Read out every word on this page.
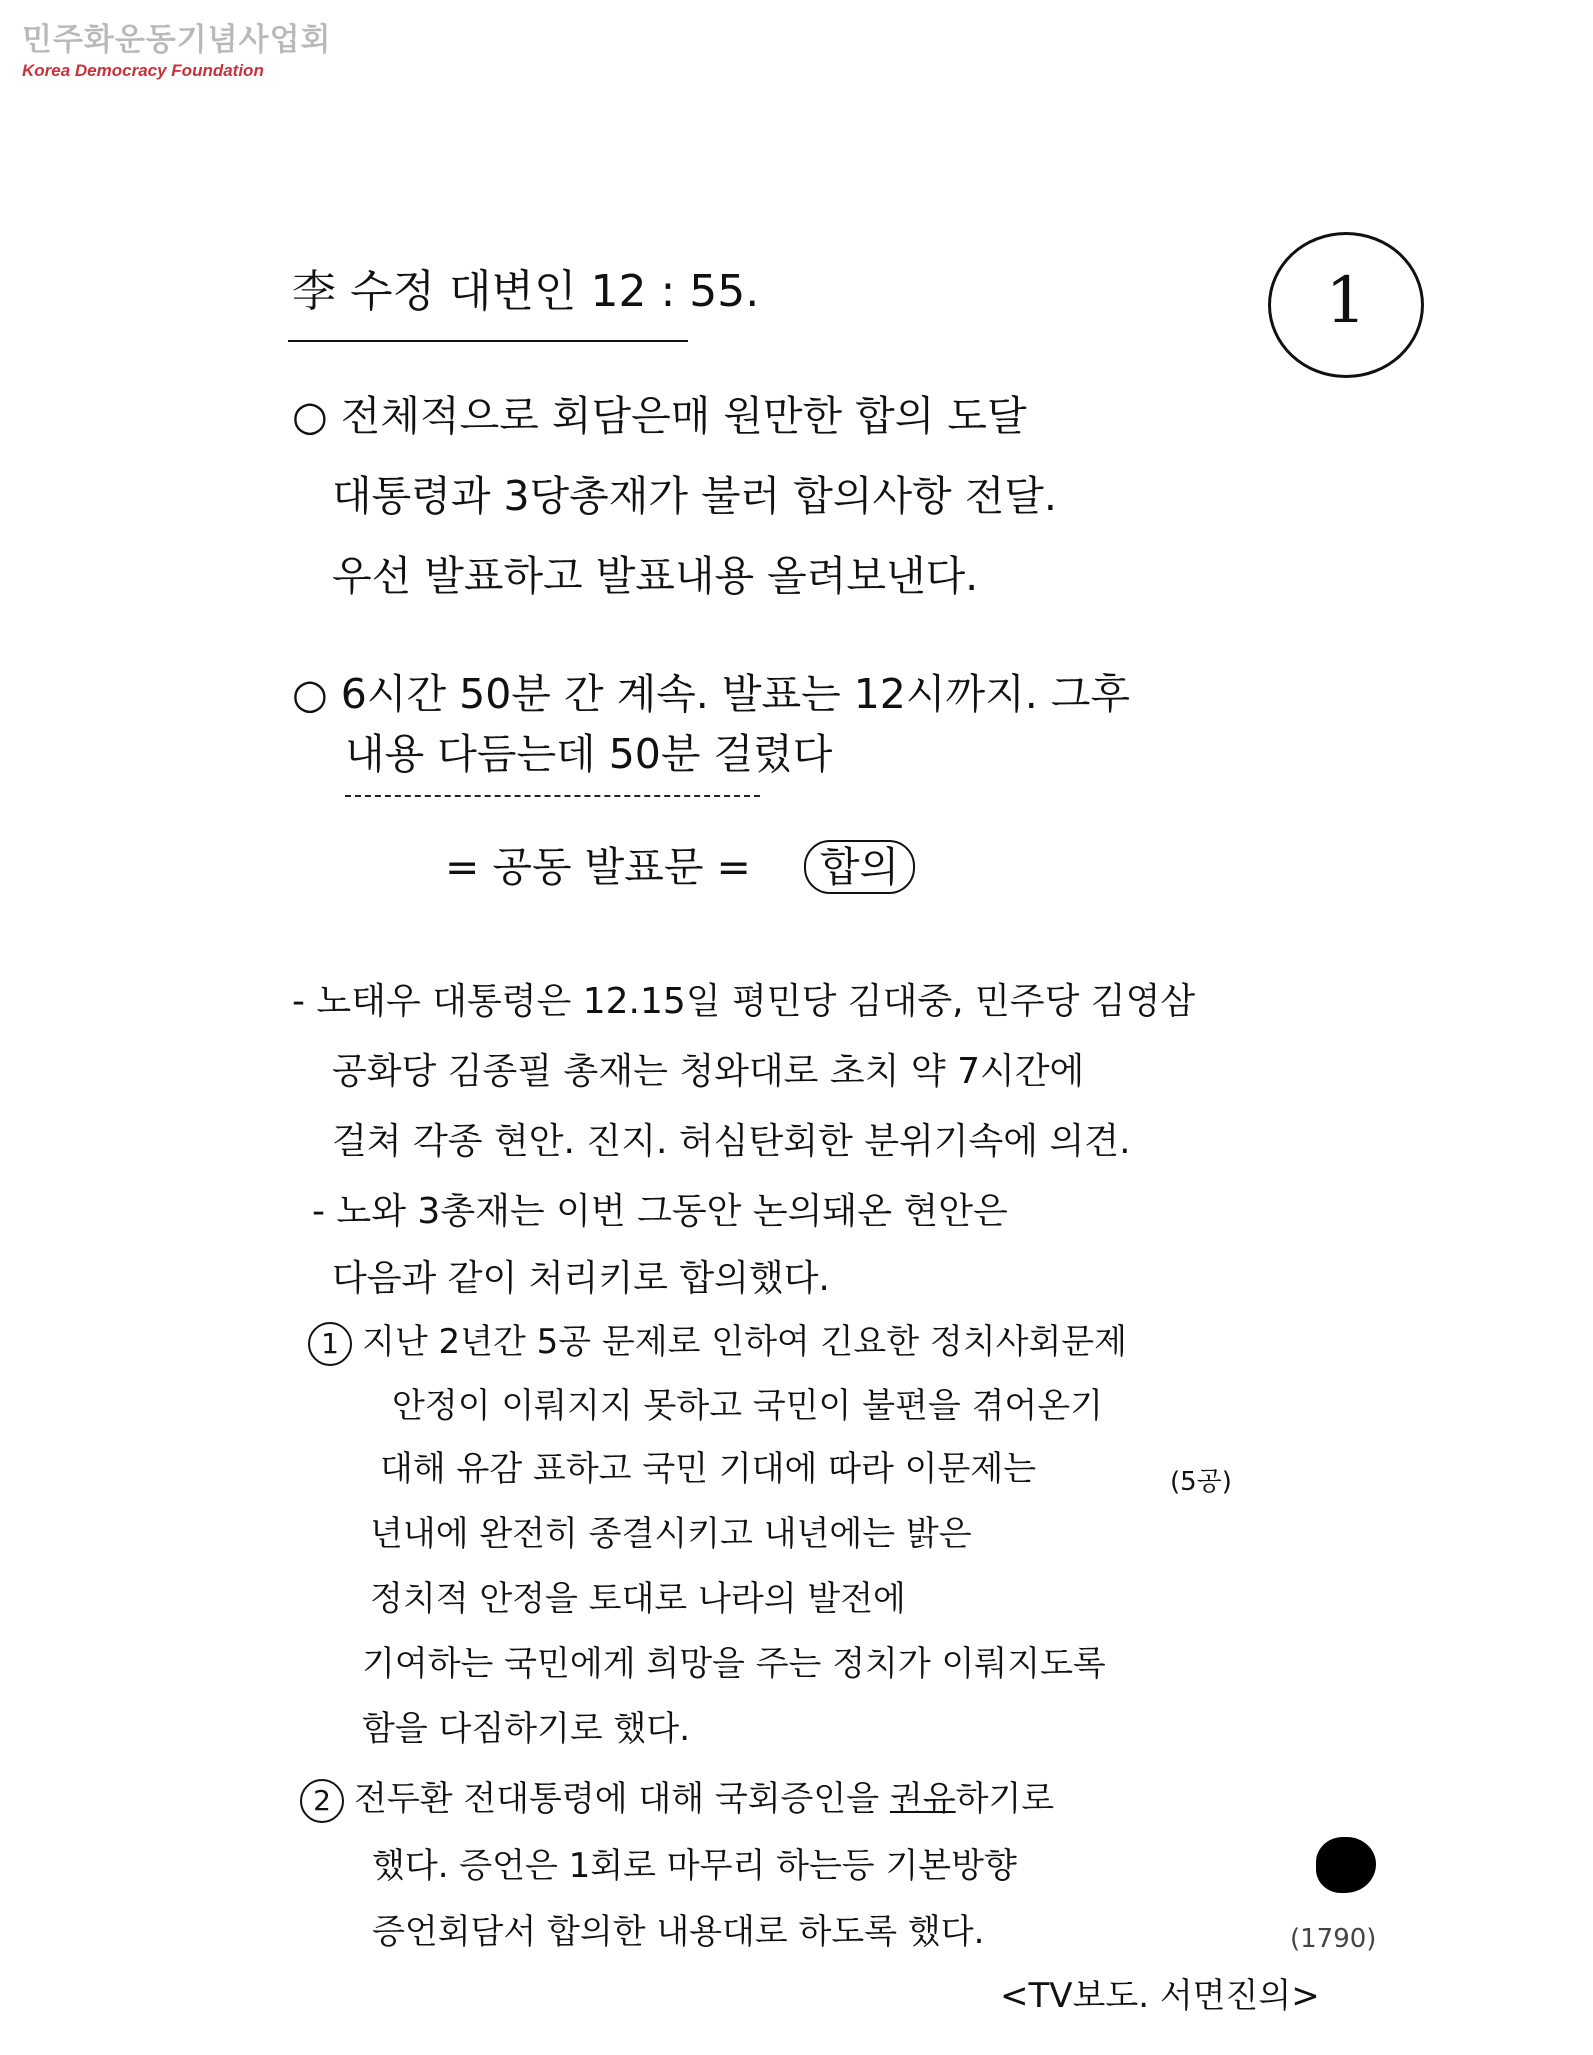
민주화운동기념사업회
Korea Democracy Foundation
1
李 수정 대변인 12 : 55.
○ 전체적으로 회담은매 원만한 합의 도달
대통령과 3당총재가 불러 합의사항 전달.
우선 발표하고 발표내용 올려보낸다.
○ 6시간 50분 간 계속. 발표는 12시까지. 그후
내용 다듬는데 50분 걸렸다
= 공동 발표문 = 합의
- 노태우 대통령은 12.15일 평민당 김대중, 민주당 김영삼
공화당 김종필 총재는 청와대로 초치 약 7시간에
걸쳐 각종 현안. 진지. 허심탄회한 분위기속에 의견.
- 노와 3총재는 이번 그동안 논의돼온 현안은
다음과 같이 처리키로 합의했다.
1 지난 2년간 5공 문제로 인하여 긴요한 정치사회문제
안정이 이뤄지지 못하고 국민이 불편을 겪어온기
대해 유감 표하고 국민 기대에 따라 이문제는	(5공)
년내에 완전히 종결시키고 내년에는 밝은
정치적 안정을 토대로 나라의 발전에
기여하는 국민에게 희망을 주는 정치가 이뤄지도록
함을 다짐하기로 했다.
2 전두환 전대통령에 대해 국회증인을 권유하기로
했다. 증언은 1회로 마무리 하는등 기본방향
증언회담서 합의한 내용대로 하도록 했다.	(1790)
<TV보도. 서면진의>
